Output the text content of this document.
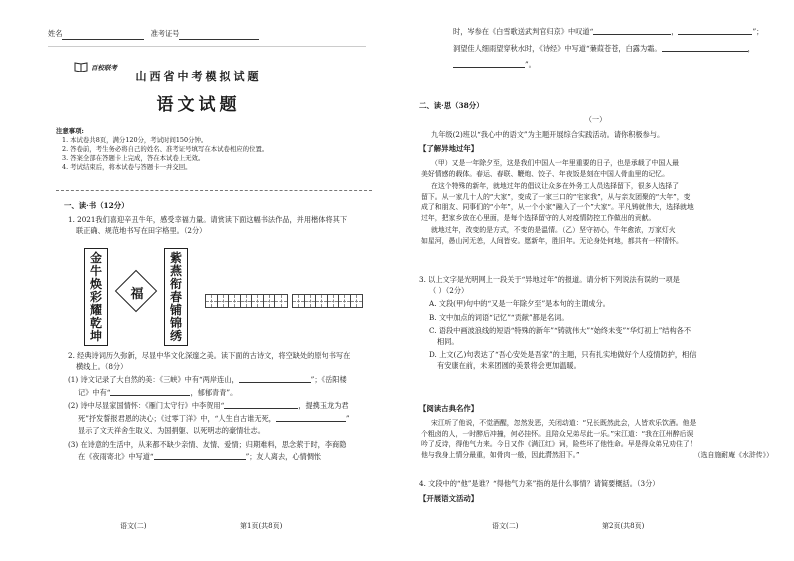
姓名	准考证号
百校联考
山西省中考模拟试题
语文试题
注意事项:
1. 本试卷共8页，满分120分，考试时间150分钟。
2. 答卷前，考生务必将自己的姓名、准考证号填写在本试卷相应的位置。
3. 答案全部在答题卡上完成，答在本试卷上无效。
4. 考试结束后，将本试卷与答题卡一并交回。
一、读·书（12分）
1. 2021我们喜迎辛丑牛年，感受幸福力量。请赏读下面这幅书法作品，并用楷体将其下
联正确、规范地书写在田字格里。（2分）
金
牛
焕
彩
耀
乾
坤
福
紫
燕
衔
春
铺
锦
绣
2. 经典诗词历久弥新，尽显中华文化深邃之美。读下面的古诗文，将空缺处的原句书写在
横线上。（8分）
(1) 诗文记录了大自然的美：《三峡》中有“两岸连山，	”；《岳阳楼
记》中有“	，郁郁青青”。
(2) 诗中尽显家国情怀：《雁门太守行》中李贺用“	，提携玉龙为君
死”抒发誓报君恩的决心；《过零丁洋》中，“人生自古谁无死，	”
显示了文天祥舍生取义、为国捐躯、以死明志的豪情壮志。
(3) 在诗意的生活中，从来都不缺少亲情、友情、爱情；归期难料，思念萦于时，李商隐
在《夜雨寄北》中写道“	”；友人离去，心情惆怅
语文(二)	第1页(共8页)
时，岑参在《白雪歌送武判官归京》中叹道“	，	”；
洞望佳人细雨望穿秋水时，《诗经》中写道“蒹葭苍苍，白露为霜。	，
”。
二、读·思（38分）
（一）
九年级(2)班以“我心中的语文”为主题开展综合实践活动。请你积极参与。
【了解异地过年】
（甲）又是一年除夕至，这是我们中国人一年里重要的日子，也是承载了中国人最
美好情感的载体。春运、春联、鞭炮、饺子、年夜饭是刻在中国人骨血里的记忆。
在这个特殊的新年，就地过年的倡议让众多在外务工人员选择留下，很多人选择了
留下。从一家几十人的“大家”，变成了一家三口的“宅家我”，从与亲友团聚的“大年”，变
成了和朋友、同事们的“小年”，从一个小家“融入了一个”大家“。平凡铸就伟大，选择就地
过年，把家乡放在心里面，是每个选择留守的人对疫情防控工作做出的贡献。
就地过年，改变的是方式，不变的是温情。（乙）坚守初心，牛年愈浓，万家灯火
如星河，愚山河无恙，人间皆安。愿新年，胜旧年。无论身处何地，都共有一样情怀。
3. 以上文字是光明网上一段关于“异地过年”的报道。请分析下列说法有误的一项是
（ ）（2分）
A. 文段(甲)句中的“又是一年除夕至”是本句的主谓成分。
B. 文中加点的词语“记忆”“贡献”都是名词。
C. 语段中画波浪线的短语“特殊的新年”“铸就伟大”“始终未变”“华灯初上”结构各不
相同。
D. 上文(乙)句表达了“吾心安处是吾家”的主题，只有扎实地做好个人疫情防护，相信
有安康在前，未来团圆的美景将会更加温暖。
【阅读古典名作】
宋江听了他说，不觉酒醒，忽然发恶，关闭动道：“兄长既然此会，人皆欢乐饮酒。他是
个粗卤的人，一时醉后冲撞，何必挂怀。且陪众兄弟尽此一乐。”宋江道：“我在江州醉后误
吟了反诗，得他气力来。今日又作《满江红》词，险些坏了他性命。早是得众弟兄劝住了！
他与我身上情分最重，如骨肉一般，因此潸然泪下。”	（选自施耐庵《水浒传》）
4. 文段中的“他”是谁？“得他气力来”指的是什么事情？请简要概括。（3分）
【开展语文活动】
语文(二)	第2页(共8页)
